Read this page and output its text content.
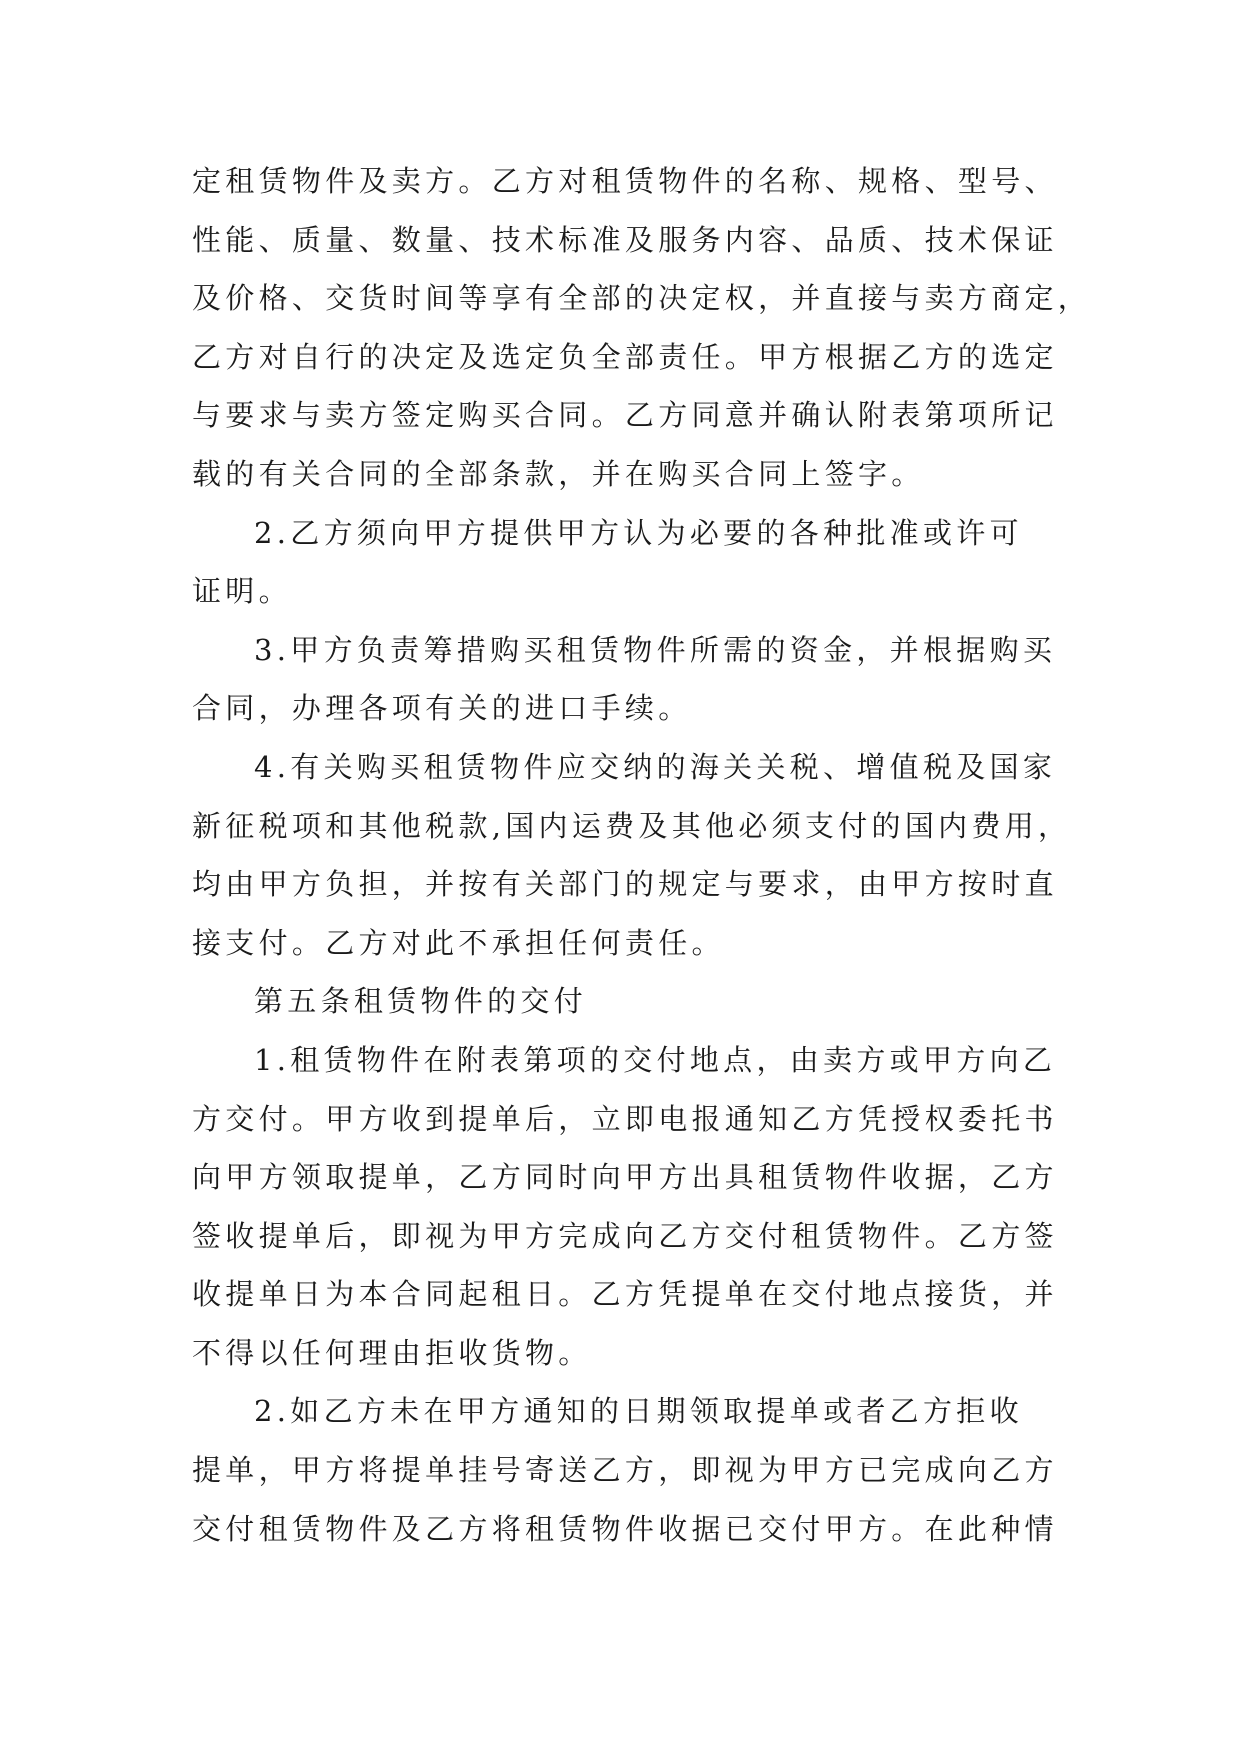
定租赁物件及卖方。乙方对租赁物件的名称、规格、型号、
性能、质量、数量、技术标准及服务内容、品质、技术保证
及价格、交货时间等享有全部的决定权，并直接与卖方商定，
乙方对自行的决定及选定负全部责任。甲方根据乙方的选定
与要求与卖方签定购买合同。乙方同意并确认附表第项所记
载的有关合同的全部条款，并在购买合同上签字。
2.乙方须向甲方提供甲方认为必要的各种批准或许可
证明。
3.甲方负责筹措购买租赁物件所需的资金，并根据购买
合同，办理各项有关的进口手续。
4.有关购买租赁物件应交纳的海关关税、增值税及国家
新征税项和其他税款,国内运费及其他必须支付的国内费用，
均由甲方负担，并按有关部门的规定与要求，由甲方按时直
接支付。乙方对此不承担任何责任。
第五条租赁物件的交付
1.租赁物件在附表第项的交付地点，由卖方或甲方向乙
方交付。甲方收到提单后，立即电报通知乙方凭授权委托书
向甲方领取提单，乙方同时向甲方出具租赁物件收据，乙方
签收提单后，即视为甲方完成向乙方交付租赁物件。乙方签
收提单日为本合同起租日。乙方凭提单在交付地点接货，并
不得以任何理由拒收货物。
2.如乙方未在甲方通知的日期领取提单或者乙方拒收
提单，甲方将提单挂号寄送乙方，即视为甲方已完成向乙方
交付租赁物件及乙方将租赁物件收据已交付甲方。在此种情
